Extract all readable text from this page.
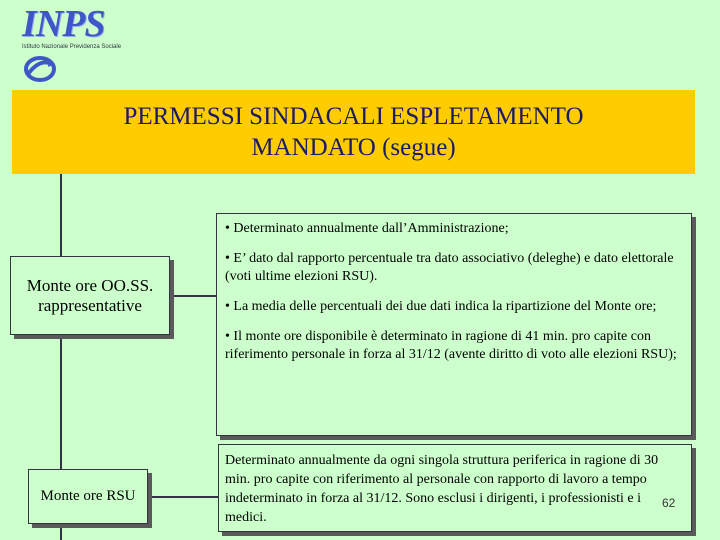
INPS
Istituto Nazionale Previdenza Sociale
PERMESSI SINDACALI ESPLETAMENTO
MANDATO (segue)
Monte ore OO.SS. rappresentative

• Determinato annualmente dall’Amministrazione;

• E’ dato dal rapporto percentuale tra dato associativo (deleghe) e dato elettorale (voti ultime elezioni RSU).

• La media delle percentuali dei due dati indica la ripartizione del Monte ore;

• Il monte ore disponibile è determinato in ragione di 41 min. pro capite con riferimento personale in forza al 31/12 (avente diritto di voto alle elezioni RSU);

Monte ore RSU
Determinato annualmente da ogni singola struttura periferica in ragione di 30 min. pro capite con riferimento al personale con rapporto di lavoro a tempo indeterminato in forza al 31/12. Sono esclusi i dirigenti, i professionisti e i medici.
62
